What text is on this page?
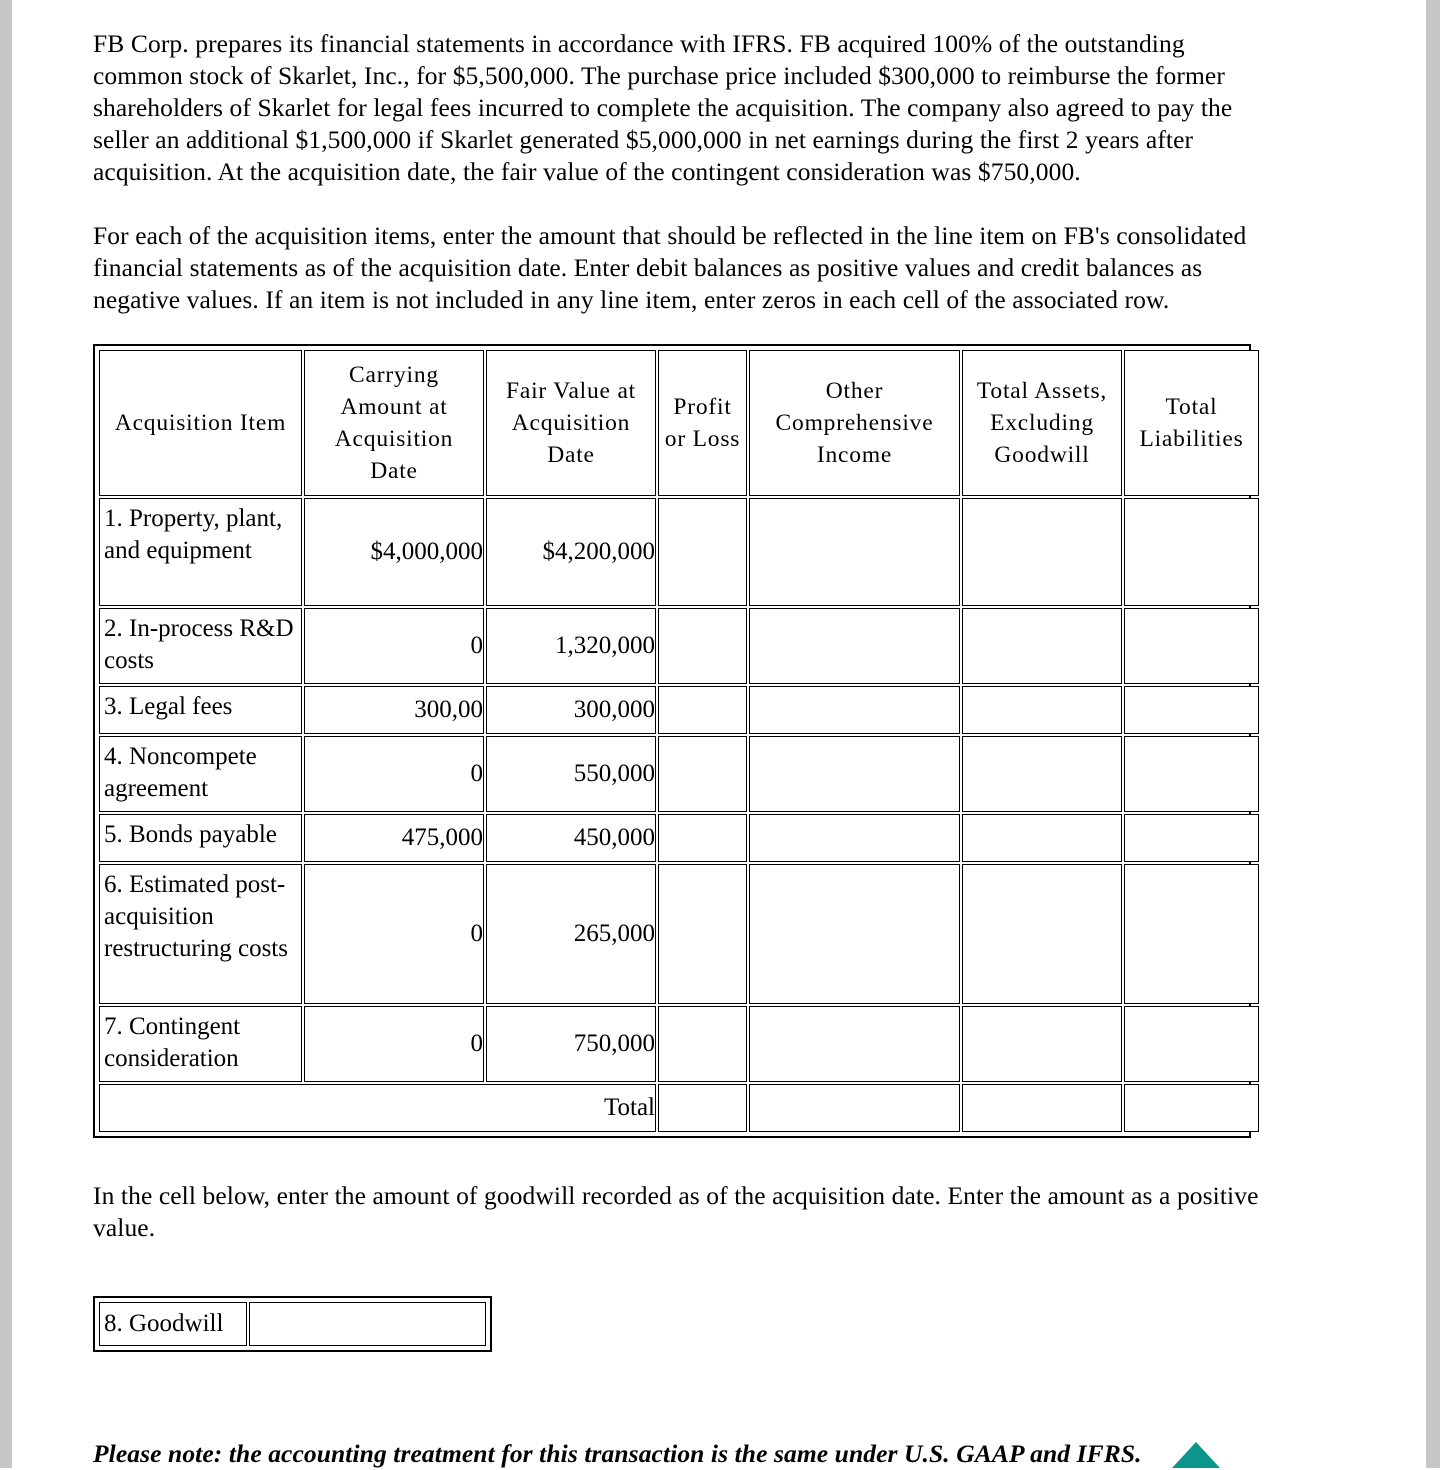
FB Corp. prepares its financial statements in accordance with IFRS. FB acquired 100% of the outstanding common stock of Skarlet, Inc., for $5,500,000. The purchase price included $300,000 to reimburse the former shareholders of Skarlet for legal fees incurred to complete the acquisition. The company also agreed to pay the seller an additional $1,500,000 if Skarlet generated $5,000,000 in net earnings during the first 2 years after acquisition. At the acquisition date, the fair value of the contingent consideration was $750,000.

For each of the acquisition items, enter the amount that should be reflected in the line item on FB's consolidated financial statements as of the acquisition date. Enter debit balances as positive values and credit balances as negative values. If an item is not included in any line item, enter zeros in each cell of the associated row.

Acquisition Item	Carrying Amount at Acquisition Date	Fair Value at Acquisition Date	Profit or Loss	Other Comprehensive Income	Total Assets, Excluding Goodwill	Total Liabilities
1. Property, plant, and equipment	$4,000,000	$4,200,000				
2. In-process R&D costs	0	1,320,000				
3. Legal fees	300,00	300,000				
4. Noncompete agreement	0	550,000				
5. Bonds payable	475,000	450,000				
6. Estimated post-acquisition restructuring costs	0	265,000				
7. Contingent consideration	0	750,000				
Total						

In the cell below, enter the amount of goodwill recorded as of the acquisition date. Enter the amount as a positive value.

8. Goodwill	

Please note: the accounting treatment for this transaction is the same under U.S. GAAP and IFRS.
